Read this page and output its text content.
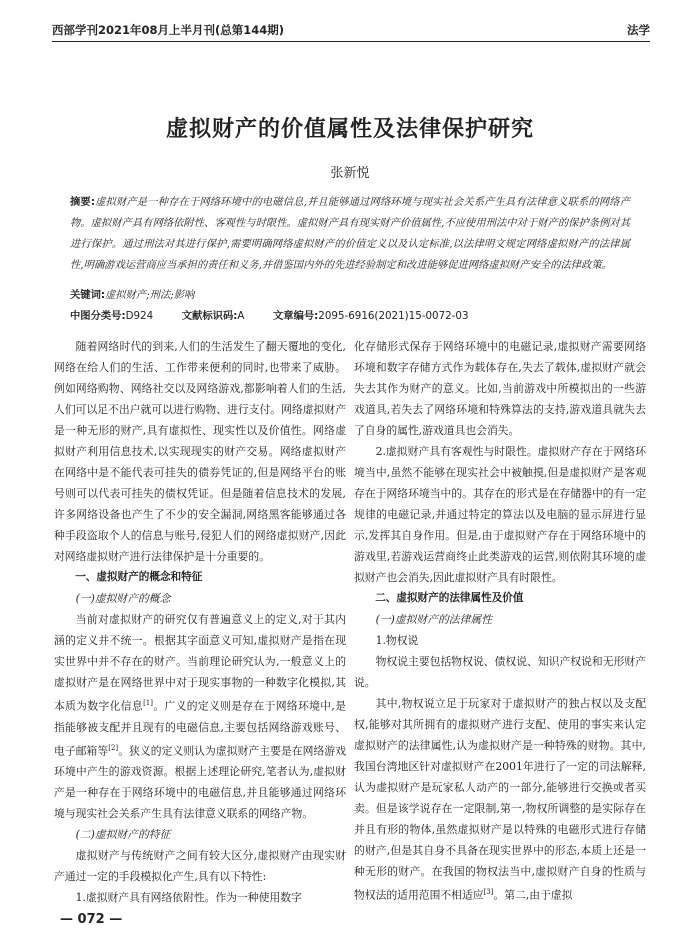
西部学刊2021年08月上半月刊(总第144期)	法学
虚拟财产的价值属性及法律保护研究
张新悦
摘要:虚拟财产是一种存在于网络环境中的电磁信息,并且能够通过网络环境与现实社会关系产生具有法律意义联系的网络产物。虚拟财产具有网络依附性、客观性与时限性。虚拟财产具有现实财产价值属性,不应使用刑法中对于财产的保护条例对其进行保护。通过刑法对其进行保护,需要明确网络虚拟财产的价值定义以及认定标准,以法律明文规定网络虚拟财产的法律属性,明确游戏运营商应当承担的责任和义务,并借鉴国内外的先进经验制定和改进能够促进网络虚拟财产安全的法律政策。
关键词:虚拟财产;刑法;影响
中图分类号:D924	文献标识码:A	文章编号:2095-6916(2021)15-0072-03

随着网络时代的到来,人们的生活发生了翻天覆地的变化,网络在给人们的生活、工作带来便利的同时,也带来了威胁。例如网络购物、网络社交以及网络游戏,都影响着人们的生活,人们可以足不出户就可以进行购物、进行支付。网络虚拟财产是一种无形的财产,具有虚拟性、现实性以及价值性。网络虚拟财产利用信息技术,以实现现实的财产交易。网络虚拟财产在网络中是不能代表可挂失的债券凭证的,但是网络平台的账号则可以代表可挂失的债权凭证。但是随着信息技术的发展,许多网络设备也产生了不少的安全漏洞,网络黑客能够通过各种手段盗取个人的信息与账号,侵犯人们的网络虚拟财产,因此对网络虚拟财产进行法律保护是十分重要的。

一、虚拟财产的概念和特征

(一)虚拟财产的概念

当前对虚拟财产的研究仅有普遍意义上的定义,对于其内涵的定义并不统一。根据其字面意义可知,虚拟财产是指在现实世界中并不存在的财产。当前理论研究认为,一般意义上的虚拟财产是在网络世界中对于现实事物的一种数字化模拟,其本质为数字化信息[1]。广义的定义则是存在于网络环境中,是指能够被支配并且现有的电磁信息,主要包括网络游戏账号、电子邮箱等[2]。狭义的定义则认为虚拟财产主要是在网络游戏环境中产生的游戏资源。根据上述理论研究,笔者认为,虚拟财产是一种存在于网络环境中的电磁信息,并且能够通过网络环境与现实社会关系产生具有法律意义联系的网络产物。

(二)虚拟财产的特征

虚拟财产与传统财产之间有较大区分,虚拟财产由现实财产通过一定的手段模拟化产生,具有以下特性:

1.虚拟财产具有网络依附性。作为一种使用数字

化存储形式保存于网络环境中的电磁记录,虚拟财产需要网络环境和数字存储方式作为载体存在,失去了载体,虚拟财产就会失去其作为财产的意义。比如,当前游戏中所模拟出的一些游戏道具,若失去了网络环境和特殊算法的支持,游戏道具就失去了自身的属性,游戏道具也会消失。

2.虚拟财产具有客观性与时限性。虚拟财产存在于网络环境当中,虽然不能够在现实社会中被触摸,但是虚拟财产是客观存在于网络环境当中的。其存在的形式是在存储器中的有一定规律的电磁记录,并通过特定的算法以及电脑的显示屏进行显示,发挥其自身作用。但是,由于虚拟财产存在于网络环境中的游戏里,若游戏运营商终止此类游戏的运营,则依附其环境的虚拟财产也会消失,因此虚拟财产具有时限性。

二、虚拟财产的法律属性及价值

(一)虚拟财产的法律属性

1.物权说

物权说主要包括物权说、债权说、知识产权说和无形财产说。

其中,物权说立足于玩家对于虚拟财产的独占权以及支配权,能够对其所拥有的虚拟财产进行支配、使用的事实来认定虚拟财产的法律属性,认为虚拟财产是一种特殊的财物。其中,我国台湾地区针对虚拟财产在2001年进行了一定的司法解释,认为虚拟财产是玩家私人动产的一部分,能够进行交换或者买卖。但是该学说存在一定限制,第一,物权所调整的是实际存在并且有形的物体,虽然虚拟财产是以特殊的电磁形式进行存储的财产,但是其自身不具备在现实世界中的形态,本质上还是一种无形的财产。在我国的物权法当中,虚拟财产自身的性质与物权法的适用范围不相适应[3]。第二,由于虚拟

— 072 —
